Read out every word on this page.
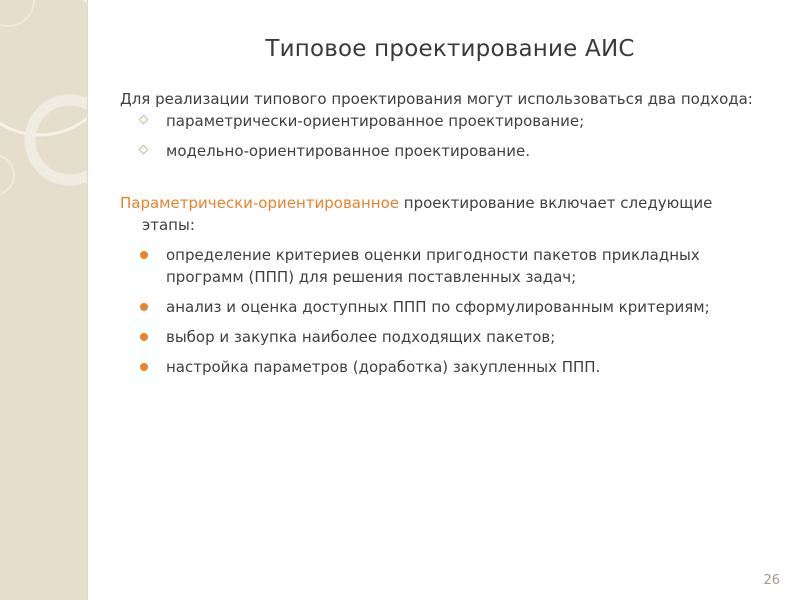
Типовое проектирование АИС

Для реализации типового проектирования могут использоваться два подхода:

параметрически-ориентированное проектирование;

модельно-ориентированное проектирование.

Параметрически-ориентированное проектирование включает следующие этапы:

определение критериев оценки пригодности пакетов прикладных программ (ППП) для решения поставленных задач;

анализ и оценка доступных ППП по сформулированным критериям;

выбор и закупка наиболее подходящих пакетов;

настройка параметров (доработка) закупленных ППП.

26
